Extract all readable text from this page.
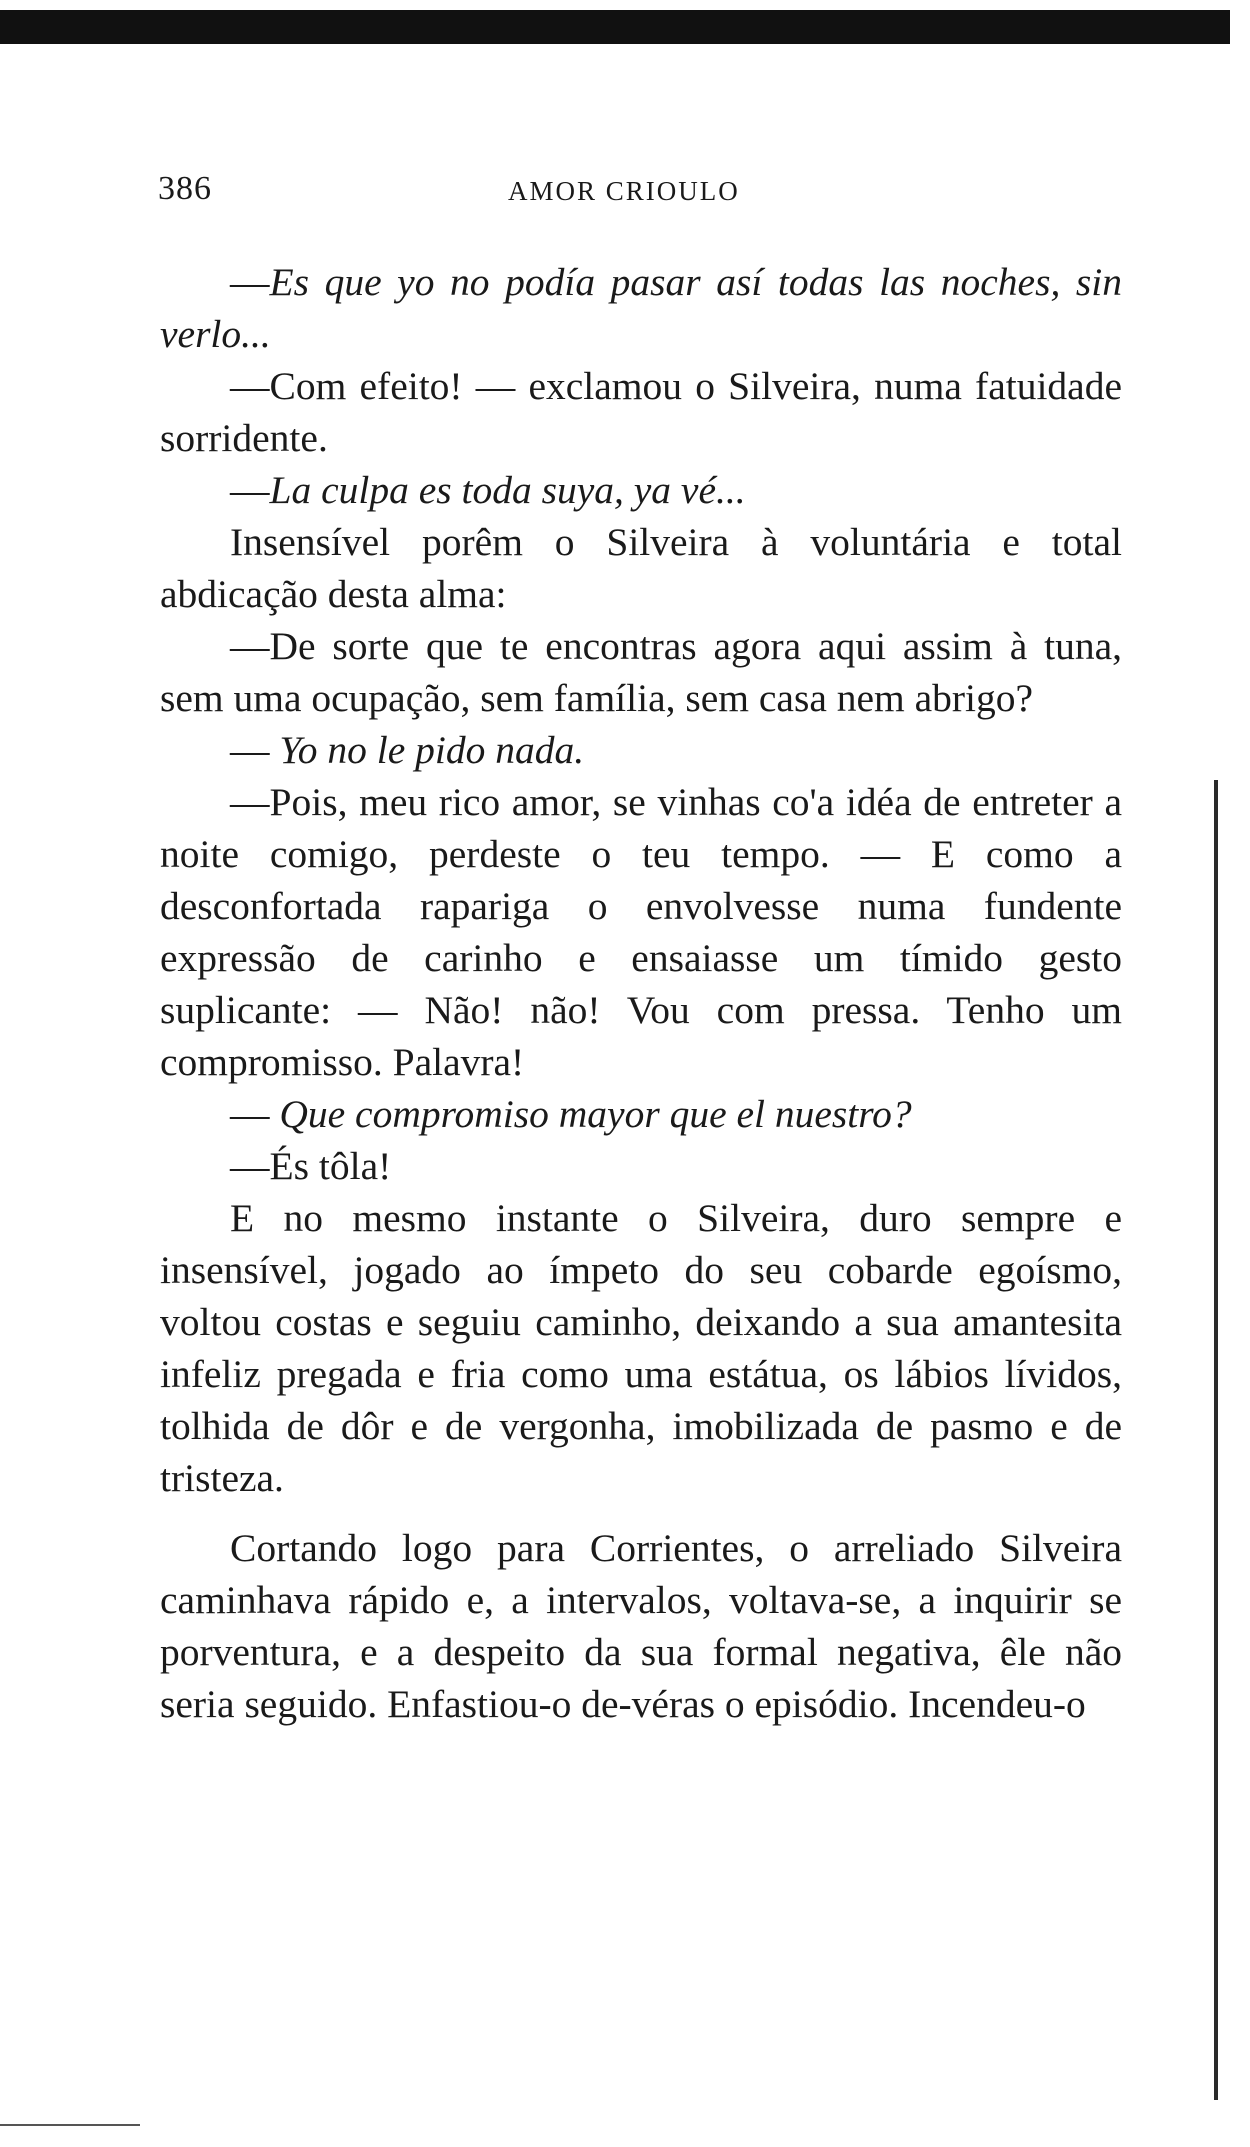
386	AMOR CRIOULO

—Es que yo no podía pasar así todas las noches, sin verlo...

—Com efeito! — exclamou o Silveira, numa fatuidade sorridente.

—La culpa es toda suya, ya vé...

Insensível porêm o Silveira à voluntária e total abdicação desta alma:

—De sorte que te encontras agora aqui assim à tuna, sem uma ocupação, sem família, sem casa nem abrigo?

— Yo no le pido nada.

—Pois, meu rico amor, se vinhas co'a idéa de entreter a noite comigo, perdeste o teu tempo. — E como a desconfortada rapariga o envolvesse numa fundente expressão de carinho e ensaiasse um tímido gesto suplicante: — Não! não! Vou com pressa. Tenho um compromisso. Palavra!

— Que compromiso mayor que el nuestro?

—És tôla!

E no mesmo instante o Silveira, duro sempre e insensível, jogado ao ímpeto do seu cobarde egoísmo, voltou costas e seguiu caminho, deixando a sua amantesita infeliz pregada e fria como uma estátua, os lábios lívidos, tolhida de dôr e de vergonha, imobilizada de pasmo e de tristeza.

Cortando logo para Corrientes, o arreliado Silveira caminhava rápido e, a intervalos, voltava-se, a inquirir se porventura, e a despeito da sua formal negativa, êle não seria seguido. Enfastiou-o de-véras o episódio. Incendeu-o
